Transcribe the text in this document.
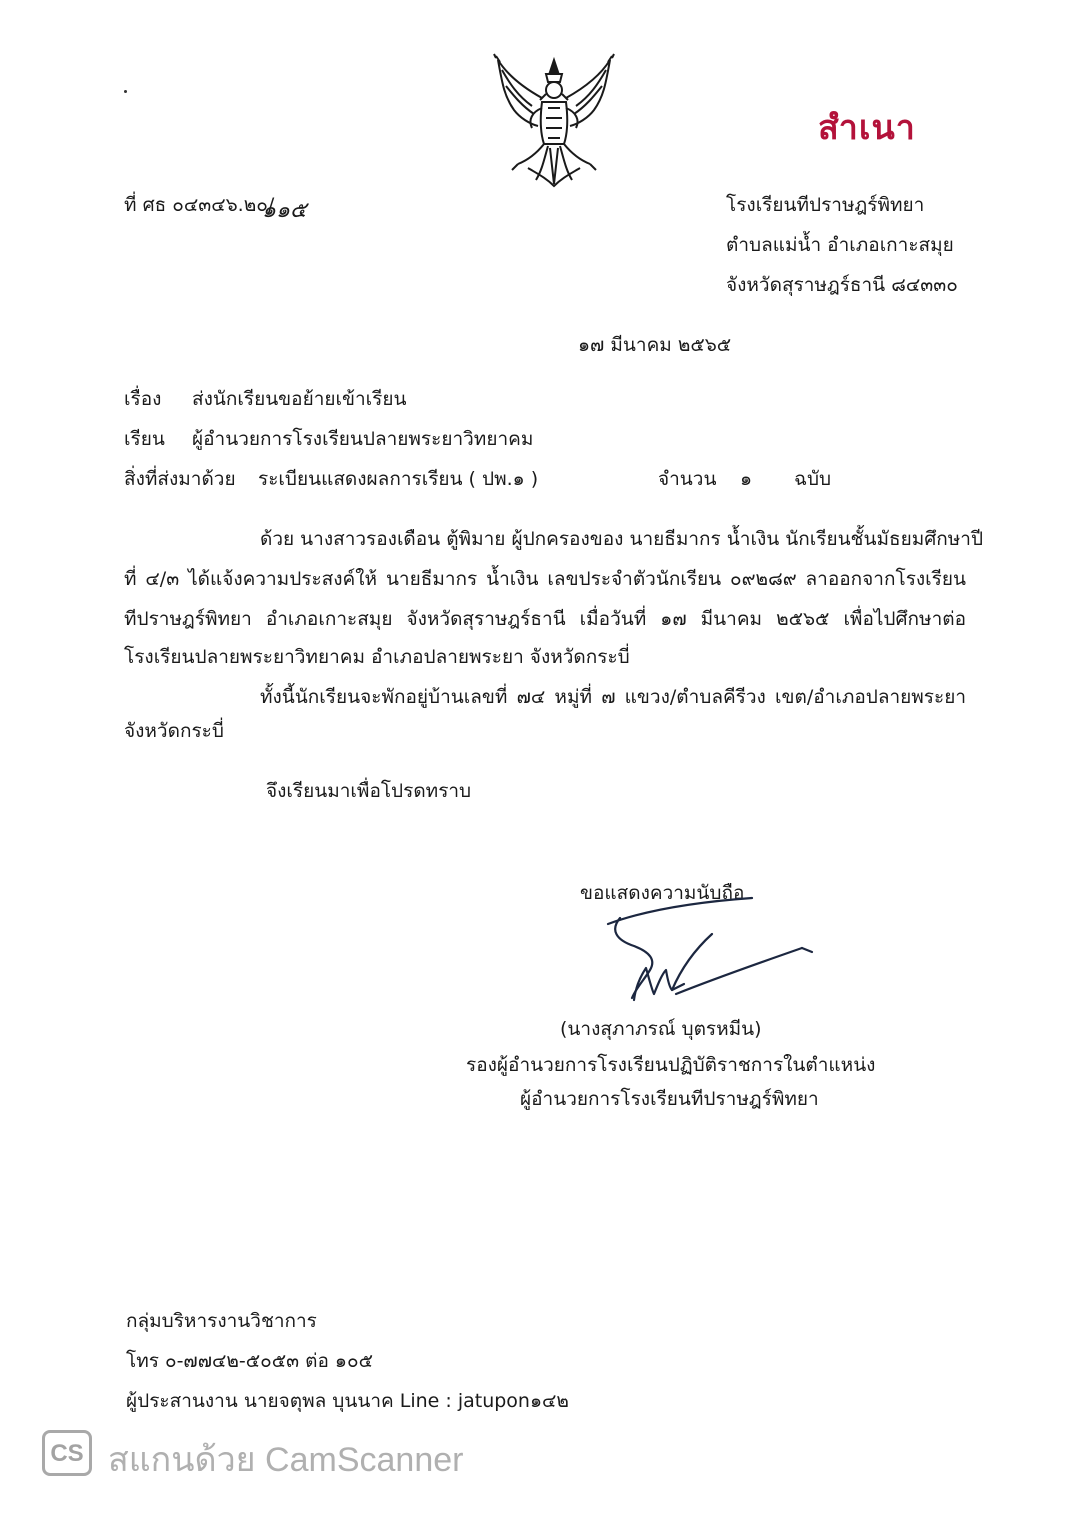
สำเนา
ที่ ศธ ๐๔๓๔๖.๒๐/
๑๑๕	โรงเรียนทีปราษฎร์พิทยา
ตำบลแม่น้ำ อำเภอเกาะสมุย
จังหวัดสุราษฎร์ธานี ๘๔๓๓๐
๑๗ มีนาคม ๒๕๖๕
เรื่อง ส่งนักเรียนขอย้ายเข้าเรียน
เรียน ผู้อำนวยการโรงเรียนปลายพระยาวิทยาคม
สิ่งที่ส่งมาด้วย ระเบียนแสดงผลการเรียน ( ปพ.๑ )	จำนวน ๑ ฉบับ
ด้วย นางสาวรองเดือน ตู้พิมาย ผู้ปกครองของ นายธีมากร น้ำเงิน นักเรียนชั้นมัธยมศึกษาปี
ที่ ๔/๓ ได้แจ้งความประสงค์ให้ นายธีมากร น้ำเงิน เลขประจำตัวนักเรียน ๐๙๒๘๙ ลาออกจากโรงเรียน
ทีปราษฎร์พิทยา อำเภอเกาะสมุย จังหวัดสุราษฎร์ธานี เมื่อวันที่ ๑๗ มีนาคม ๒๕๖๕ เพื่อไปศึกษาต่อ
โรงเรียนปลายพระยาวิทยาคม อำเภอปลายพระยา จังหวัดกระบี่
ทั้งนี้นักเรียนจะพักอยู่บ้านเลขที่ ๗๔ หมู่ที่ ๗ แขวง/ตำบลคีรีวง เขต/อำเภอปลายพระยา
จังหวัดกระบี่
จึงเรียนมาเพื่อโปรดทราบ
ขอแสดงความนับถือ
(นางสุภาภรณ์ บุตรหมีน)
รองผู้อำนวยการโรงเรียนปฏิบัติราชการในตำแหน่ง
ผู้อำนวยการโรงเรียนทีปราษฎร์พิทยา
กลุ่มบริหารงานวิชาการ
โทร ๐-๗๗๔๒-๕๐๕๓ ต่อ ๑๐๕
ผู้ประสานงาน นายจตุพล บุนนาค Line : jatupon๑๔๒
CS สแกนด้วย CamScanner
